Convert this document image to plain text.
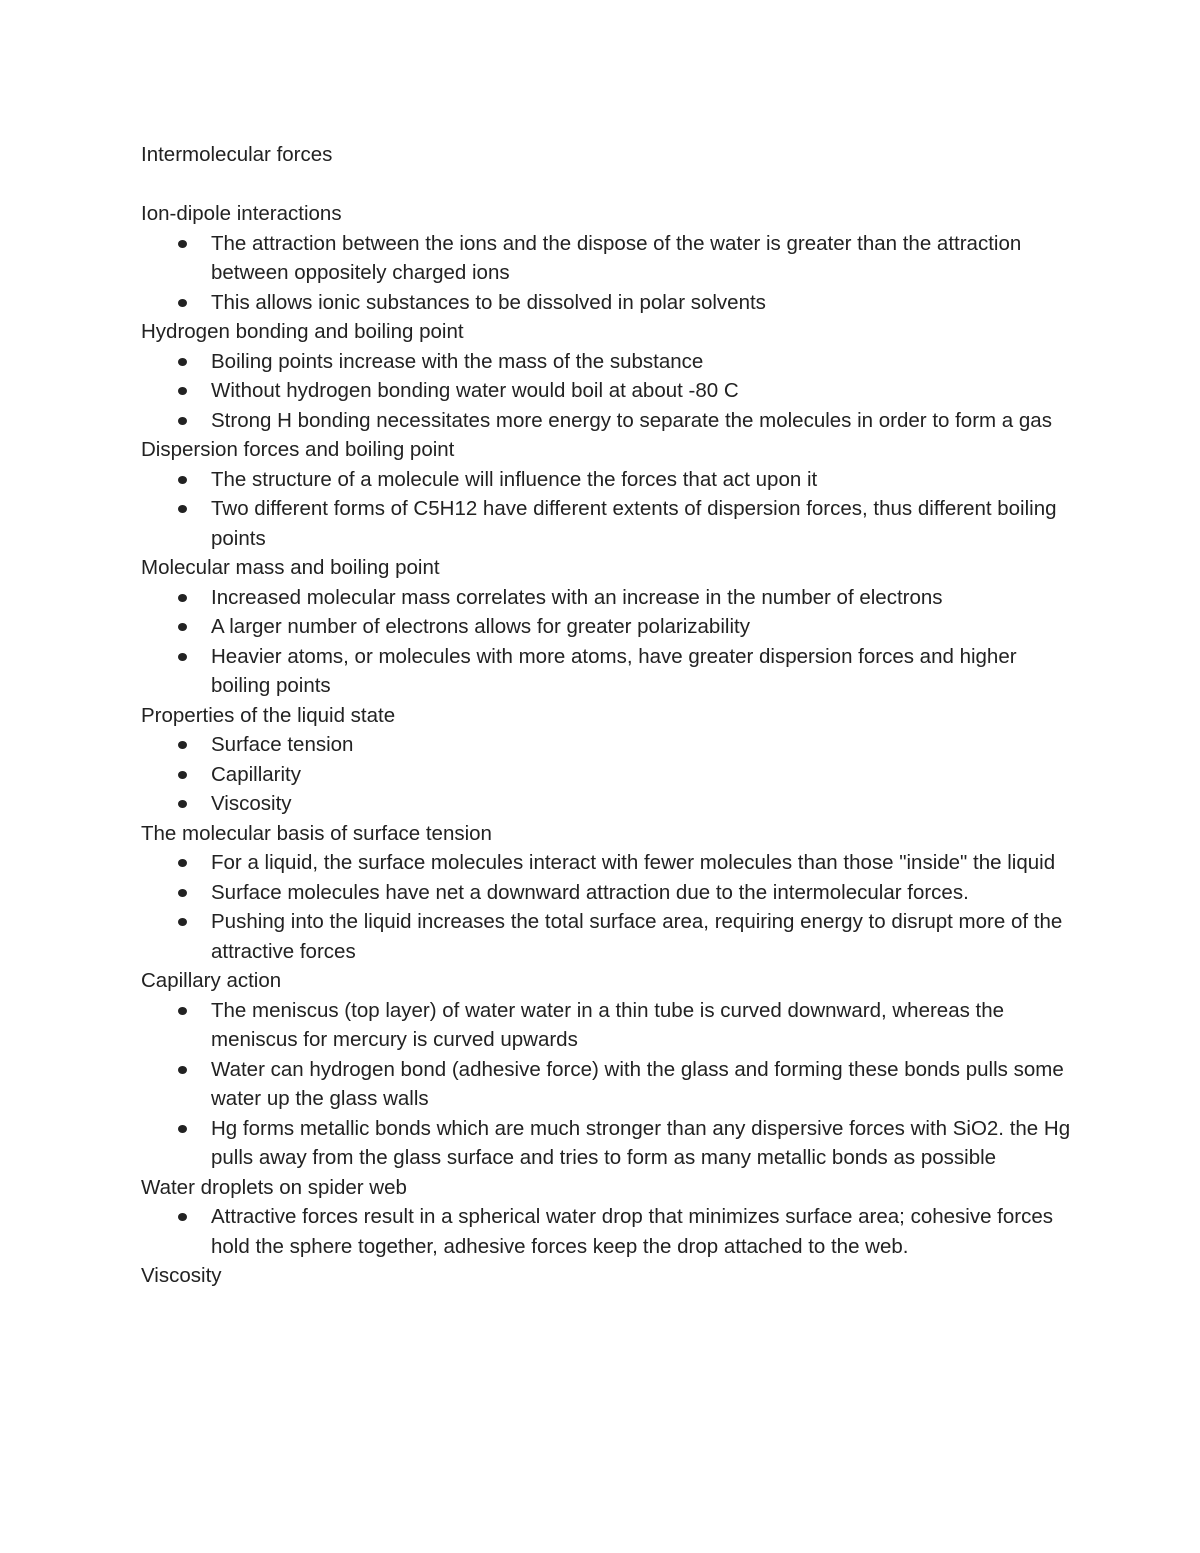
Intermolecular forces
Ion-dipole interactions
The attraction between the ions and the dispose of the water is greater than the attraction between oppositely charged ions
This allows ionic substances to be dissolved in polar solvents
Hydrogen bonding and boiling point
Boiling points increase with the mass of the substance
Without hydrogen bonding water would boil at about -80 C
Strong H bonding necessitates more energy to separate the molecules in order to form a gas
Dispersion forces and boiling point
The structure of a molecule will influence the forces that act upon it
Two different forms of C5H12 have different extents of dispersion forces, thus different boiling points
Molecular mass and boiling point
Increased molecular mass correlates with an increase in the number of electrons
A larger number of electrons allows for greater polarizability
Heavier atoms, or molecules with more atoms, have greater dispersion forces and higher boiling points
Properties of the liquid state
Surface tension
Capillarity
Viscosity
The molecular basis of surface tension
For a liquid, the surface molecules interact with fewer molecules than those "inside" the liquid
Surface molecules have net a downward attraction due to the intermolecular forces.
Pushing into the liquid increases the total surface area, requiring energy to disrupt more of the attractive forces
Capillary action
The meniscus (top layer) of water water in a thin tube is curved downward, whereas the meniscus for mercury is curved upwards
Water can hydrogen bond (adhesive force) with the glass and forming these bonds pulls some water up the glass walls
Hg forms metallic bonds which are much stronger than any dispersive forces with SiO2. the Hg pulls away from the glass surface and tries to form as many metallic bonds as possible
Water droplets on spider web
Attractive forces result in a spherical water drop that minimizes surface area; cohesive forces hold the sphere together, adhesive forces keep the drop attached to the web.
Viscosity
